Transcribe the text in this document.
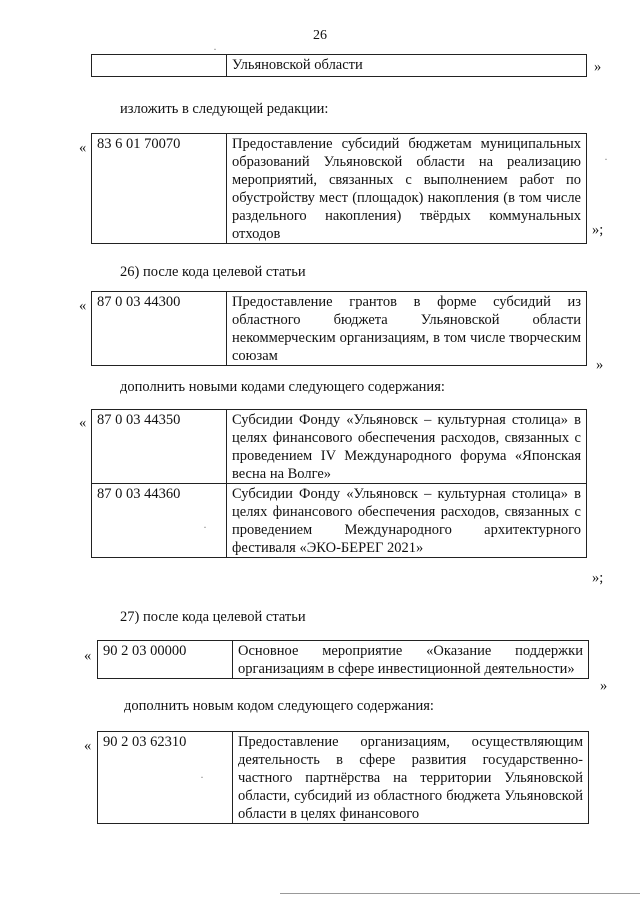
26
	Ульяновской области	»
изложить в следующей редакции:
« 83 6 01 70070	Предоставление субсидий бюджетам муниципальных образований Ульяновской области на реализацию мероприятий, связанных с выполнением работ по обустройству мест (площадок) накопления (в том числе раздельного накопления) твёрдых коммунальных отходов	»;
26) после кода целевой статьи
« 87 0 03 44300	Предоставление грантов в форме субсидий из областного бюджета Ульяновской области некоммерческим организациям, в том числе творческим союзам
»
дополнить новыми кодами следующего содержания:
« 87 0 03 44350	Субсидии Фонду «Ульяновск – культурная столица» в целях финансового обеспечения расходов, связанных с проведением IV Международного форума «Японская весна на Волге»
87 0 03 44360	Субсидии Фонду «Ульяновск – культурная столица» в целях финансового обеспечения расходов, связанных с проведением Международного архитектурного фестиваля «ЭКО-БЕРЕГ 2021»
»;
27) после кода целевой статьи
« 90 2 03 00000	Основное мероприятие «Оказание поддержки организациям в сфере инвестиционной деятельности»
»
дополнить новым кодом следующего содержания:
« 90 2 03 62310	Предоставление организациям, осуществляющим деятельность в сфере развития государственно-частного партнёрства на территории Ульяновской области, субсидий из областного бюджета Ульяновской области в целях финансового
·
·
·
·
